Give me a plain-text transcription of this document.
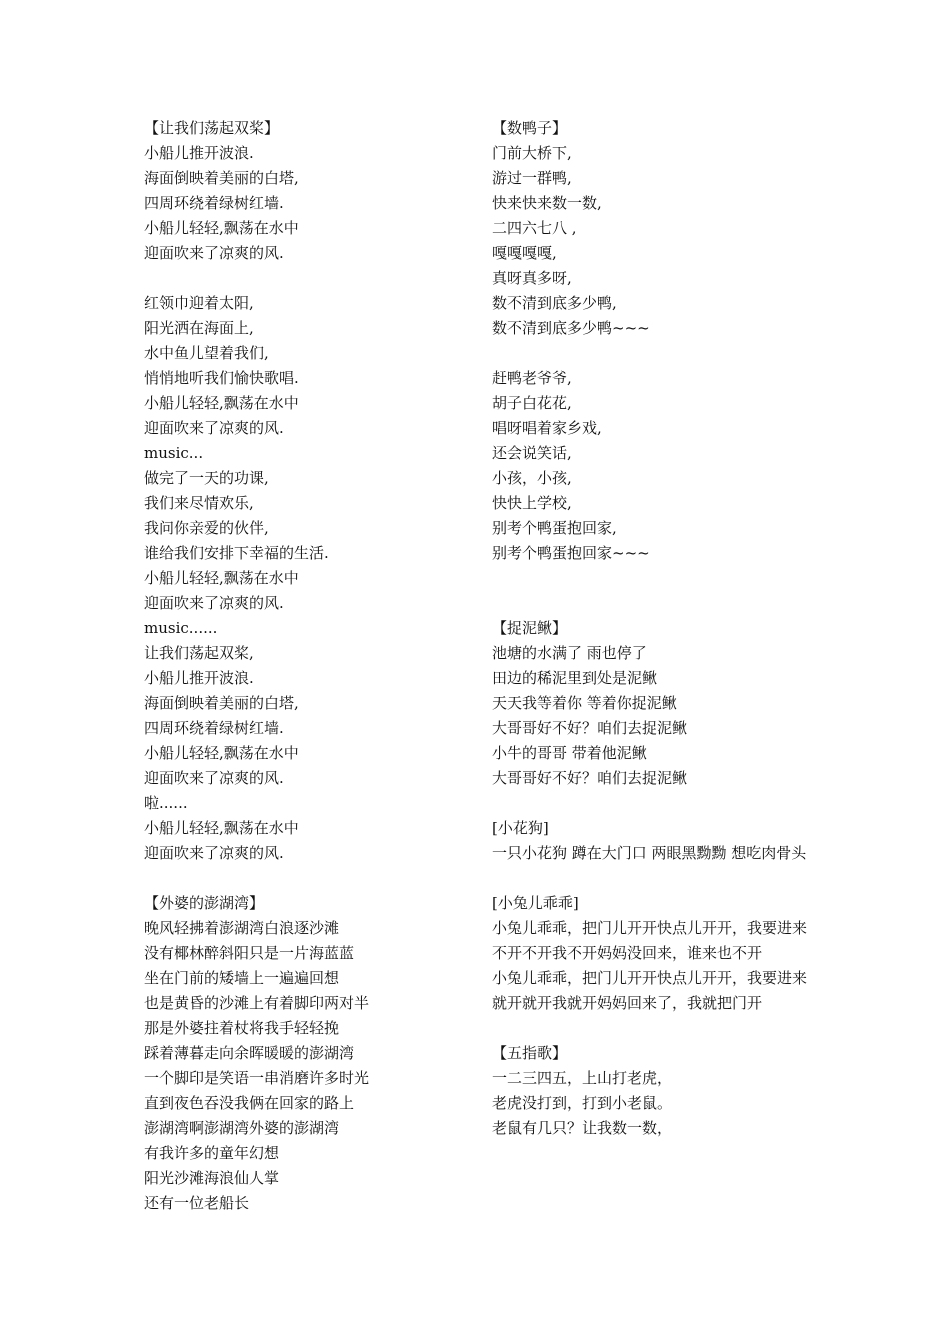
【让我们荡起双桨】
小船儿推开波浪.
海面倒映着美丽的白塔,
四周环绕着绿树红墙.
小船儿轻轻,飘荡在水中
迎面吹来了凉爽的风.
红领巾迎着太阳,
阳光洒在海面上,
水中鱼儿望着我们,
悄悄地听我们愉快歌唱.
小船儿轻轻,飘荡在水中
迎面吹来了凉爽的风.
music...
做完了一天的功课,
我们来尽情欢乐,
我问你亲爱的伙伴,
谁给我们安排下幸福的生活.
小船儿轻轻,飘荡在水中
迎面吹来了凉爽的风.
music......
让我们荡起双桨,
小船儿推开波浪.
海面倒映着美丽的白塔,
四周环绕着绿树红墙.
小船儿轻轻,飘荡在水中
迎面吹来了凉爽的风.
啦......
小船儿轻轻,飘荡在水中
迎面吹来了凉爽的风.
【外婆的澎湖湾】
晚风轻拂着澎湖湾白浪逐沙滩
没有椰林醉斜阳只是一片海蓝蓝
坐在门前的矮墙上一遍遍回想
也是黄昏的沙滩上有着脚印两对半
那是外婆拄着杖将我手轻轻挽
踩着薄暮走向余晖暖暖的澎湖湾
一个脚印是笑语一串消磨许多时光
直到夜色吞没我俩在回家的路上
澎湖湾啊澎湖湾外婆的澎湖湾
有我许多的童年幻想
阳光沙滩海浪仙人掌
还有一位老船长
【数鸭子】
门前大桥下,
游过一群鸭,
快来快来数一数,
二四六七八 ,
嘎嘎嘎嘎,
真呀真多呀,
数不清到底多少鸭,
数不清到底多少鸭~~~
赶鸭老爷爷,
胡子白花花,
唱呀唱着家乡戏,
还会说笑话,
小孩，小孩,
快快上学校,
别考个鸭蛋抱回家,
别考个鸭蛋抱回家~~~
【捉泥鳅】
池塘的水满了 雨也停了
田边的稀泥里到处是泥鳅
天天我等着你 等着你捉泥鳅
大哥哥好不好？咱们去捉泥鳅
小牛的哥哥 带着他泥鳅
大哥哥好不好？咱们去捉泥鳅
[小花狗]
一只小花狗 蹲在大门口 两眼黑黝黝 想吃肉骨头
[小兔儿乖乖]
小兔儿乖乖，把门儿开开快点儿开开，我要进来
不开不开我不开妈妈没回来，谁来也不开
小兔儿乖乖，把门儿开开快点儿开开，我要进来
就开就开我就开妈妈回来了，我就把门开
【五指歌】
一二三四五，上山打老虎，
老虎没打到，打到小老鼠。
老鼠有几只？让我数一数，
